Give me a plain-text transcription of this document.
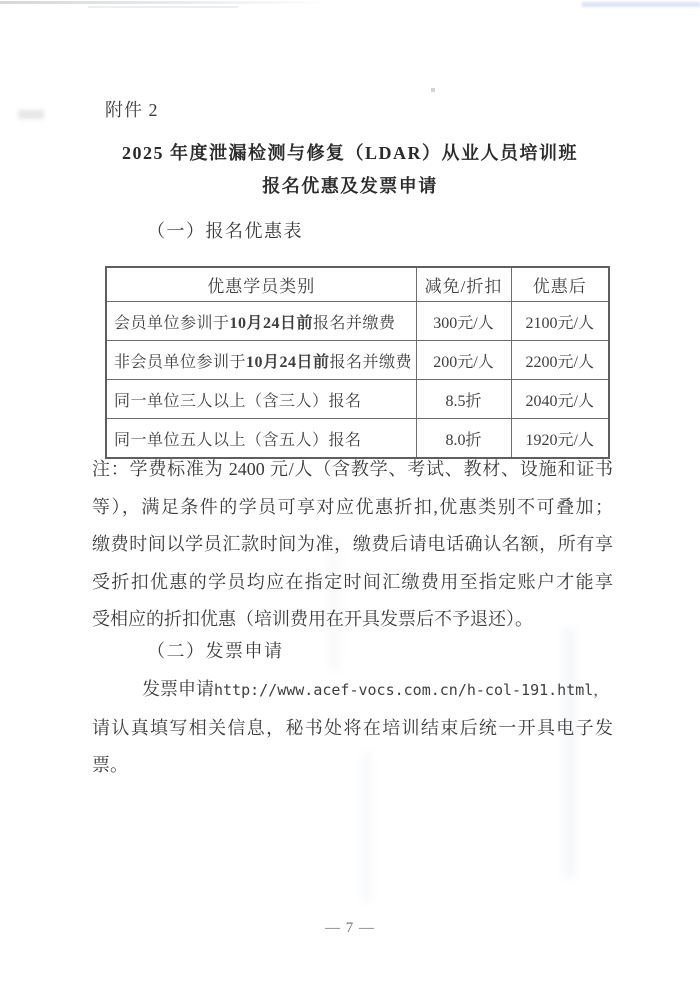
附件 2
2025 年度泄漏检测与修复（LDAR）从业人员培训班
报名优惠及发票申请
（一）报名优惠表
优惠学员类别	减免/折扣	优惠后
会员单位参训于10月24日前报名并缴费	300元/人	2100元/人
非会员单位参训于10月24日前报名并缴费	200元/人	2200元/人
同一单位三人以上（含三人）报名	8.5折	2040元/人
同一单位五人以上（含五人）报名	8.0折	1920元/人
注：学费标准为 2400 元/人（含教学、考试、教材、设施和证书
等），满足条件的学员可享对应优惠折扣,优惠类别不可叠加；
缴费时间以学员汇款时间为准，缴费后请电话确认名额，所有享
受折扣优惠的学员均应在指定时间汇缴费用至指定账户才能享
受相应的折扣优惠（培训费用在开具发票后不予退还）。
（二）发票申请
发票申请http://www.acef-vocs.com.cn/h-col-191.html，
请认真填写相关信息，秘书处将在培训结束后统一开具电子发
票。
— 7 —
